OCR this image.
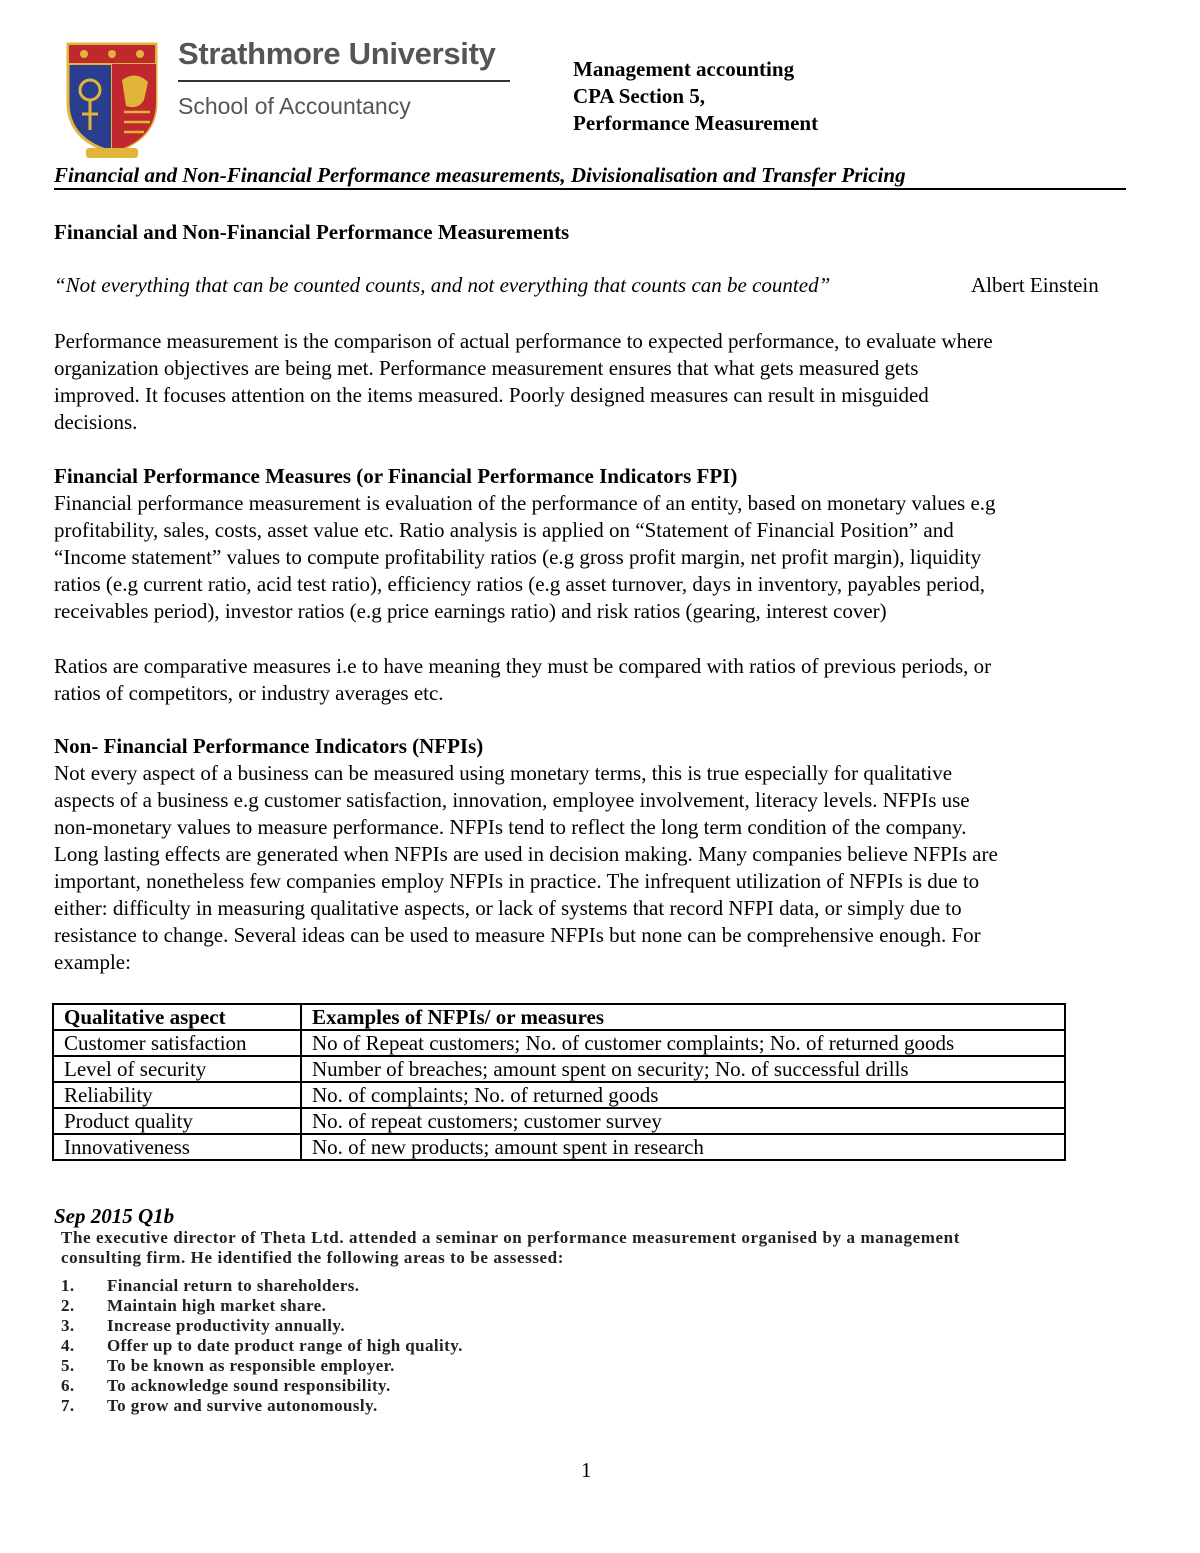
Strathmore University
School of Accountancy
Management accounting
CPA Section 5,
Performance Measurement
Financial and Non-Financial Performance measurements, Divisionalisation and Transfer Pricing
Financial and Non-Financial Performance Measurements
“Not everything that can be counted counts, and not everything that counts can be counted”	Albert Einstein
Performance measurement is the comparison of actual performance to expected performance, to evaluate where
organization objectives are being met. Performance measurement ensures that what gets measured gets
improved. It focuses attention on the items measured. Poorly designed measures can result in misguided
decisions.
Financial Performance Measures (or Financial Performance Indicators FPI)
Financial performance measurement is evaluation of the performance of an entity, based on monetary values e.g
profitability, sales, costs, asset value etc. Ratio analysis is applied on “Statement of Financial Position” and
“Income statement” values to compute profitability ratios (e.g gross profit margin, net profit margin), liquidity
ratios (e.g current ratio, acid test ratio), efficiency ratios (e.g asset turnover, days in inventory, payables period,
receivables period), investor ratios (e.g price earnings ratio) and risk ratios (gearing, interest cover)
Ratios are comparative measures i.e to have meaning they must be compared with ratios of previous periods, or
ratios of competitors, or industry averages etc.
Non- Financial Performance Indicators (NFPIs)
Not every aspect of a business can be measured using monetary terms, this is true especially for qualitative
aspects of a business e.g customer satisfaction, innovation, employee involvement, literacy levels. NFPIs use
non-monetary values to measure performance. NFPIs tend to reflect the long term condition of the company.
Long lasting effects are generated when NFPIs are used in decision making. Many companies believe NFPIs are
important, nonetheless few companies employ NFPIs in practice. The infrequent utilization of NFPIs is due to
either: difficulty in measuring qualitative aspects, or lack of systems that record NFPI data, or simply due to
resistance to change. Several ideas can be used to measure NFPIs but none can be comprehensive enough. For
example:
Qualitative aspect	Examples of NFPIs/ or measures
Customer satisfaction	No of Repeat customers; No. of customer complaints; No. of returned goods
Level of security	Number of breaches; amount spent on security; No. of successful drills
Reliability	No. of complaints; No. of returned goods
Product quality	No. of repeat customers; customer survey
Innovativeness	No. of new products; amount spent in research
Sep 2015 Q1b
The executive director of Theta Ltd. attended a seminar on performance measurement organised by a management
consulting firm. He identified the following areas to be assessed:
1. Financial return to shareholders.
2. Maintain high market share.
3. Increase productivity annually.
4. Offer up to date product range of high quality.
5. To be known as responsible employer.
6. To acknowledge sound responsibility.
7. To grow and survive autonomously.
1
